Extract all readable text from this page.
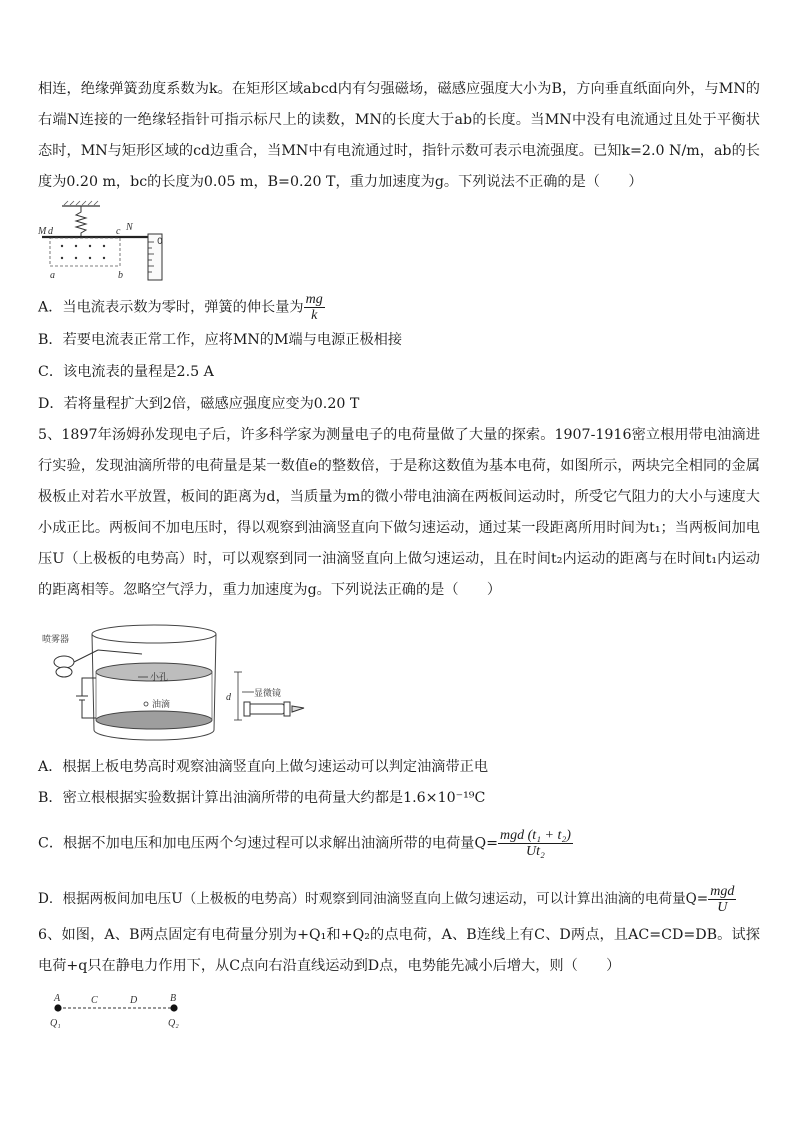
相连，绝缘弹簧劲度系数为k。在矩形区域abcd内有匀强磁场，磁感应强度大小为B，方向垂直纸面向外，与MN的右端N连接的一绝缘轻指针可指示标尺上的读数，MN的长度大于ab的长度。当MN中没有电流通过且处于平衡状态时，MN与矩形区域的cd边重合，当MN中有电流通过时，指针示数可表示电流强度。已知k=2.0 N/m，ab的长度为0.20 m，bc的长度为0.05 m，B=0.20 T，重力加速度为g。下列说法不正确的是（　　）
M d	c N
a	b
0
A．当电流表示数为零时，弹簧的伸长量为 $\frac{mg}{k}$
B．若要电流表正常工作，应将MN的M端与电源正极相接
C．该电流表的量程是2.5 A
D．若将量程扩大到2倍，磁感应强度应变为0.20 T
5、1897年汤姆孙发现电子后，许多科学家为测量电子的电荷量做了大量的探索。1907-1916密立根用带电油滴进行实验，发现油滴所带的电荷量是某一数值e的整数倍，于是称这数值为基本电荷，如图所示，两块完全相同的金属极板止对若水平放置，板间的距离为d，当质量为m的微小带电油滴在两板间运动时，所受它气阻力的大小与速度大小成正比。两板间不加电压时，得以观察到油滴竖直向下做匀速运动，通过某一段距离所用时间为t₁；当两板间加电压U（上极板的电势高）时，可以观察到同一油滴竖直向上做匀速运动，且在时间t₂内运动的距离与在时间t₁内运动的距离相等。忽略空气浮力，重力加速度为g。下列说法正确的是（　　）
小孔
油滴
喷雾器
d	显微镜
A．根据上板电势高时观察油滴竖直向上做匀速运动可以判定油滴带正电
B．密立根根据实验数据计算出油滴所带的电荷量大约都是1.6×10⁻¹⁹C
C．根据不加电压和加电压两个匀速过程可以求解出油滴所带的电荷量$Q= \frac{\text{mgd (t₁ + t₂)}}{\text{Ut₂}}$
D．根据两板间加电压U（上极板的电势高）时观察到同油滴竖直向上做匀速运动，可以计算出油滴的电荷量$Q= \frac{\text{mgd}}{U}$
6、如图，A、B两点固定有电荷量分别为+Q₁和+Q₂的点电荷，A、B连线上有C、D两点，且AC=CD=DB。试探电荷+q只在静电力作用下，从C点向右沿直线运动到D点，电势能先减小后增大，则（　　）
A	C	D	B
Q₁	Q₂
